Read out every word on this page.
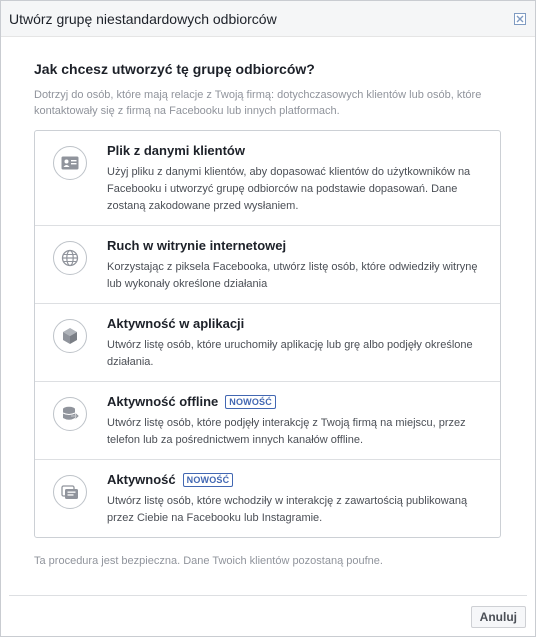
Utwórz grupę niestandardowych odbiorców
Jak chcesz utworzyć tę grupę odbiorców?
Dotrzyj do osób, które mają relacje z Twoją firmą: dotychczasowych klientów lub osób, które kontaktowały się z firmą na Facebooku lub innych platformach.
Plik z danymi klientów
Użyj pliku z danymi klientów, aby dopasować klientów do użytkowników na Facebooku i utworzyć grupę odbiorców na podstawie dopasowań. Dane zostaną zakodowane przed wysłaniem.
Ruch w witrynie internetowej
Korzystając z piksela Facebooka, utwórz listę osób, które odwiedziły witrynę lub wykonały określone działania
Aktywność w aplikacji
Utwórz listę osób, które uruchomiły aplikację lub grę albo podjęły określone działania.
Aktywność offline	NOWOŚĆ
Utwórz listę osób, które podjęły interakcję z Twoją firmą na miejscu, przez telefon lub za pośrednictwem innych kanałów offline.
Aktywność	NOWOŚĆ
Utwórz listę osób, które wchodziły w interakcję z zawartością publikowaną przez Ciebie na Facebooku lub Instagramie.
Ta procedura jest bezpieczna. Dane Twoich klientów pozostaną poufne.
Anuluj
